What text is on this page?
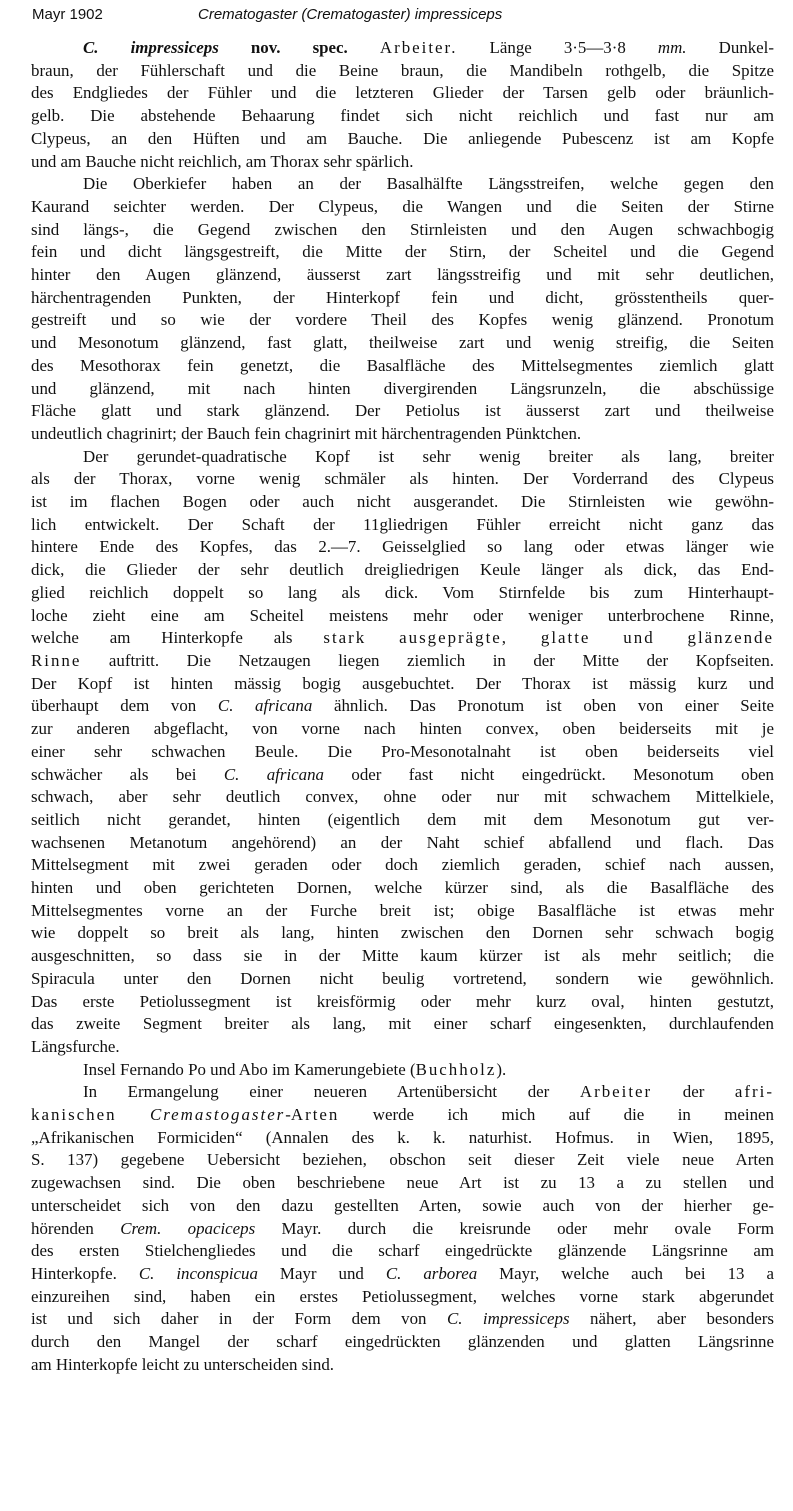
Mayr 1902	Crematogaster (Crematogaster) impressiceps
C. impressiceps nov. spec. Arbeiter. Länge 3·5—3·8 mm. Dunkel-
braun, der Fühlerschaft und die Beine braun, die Mandibeln rothgelb, die Spitze
des Endgliedes der Fühler und die letzteren Glieder der Tarsen gelb oder bräunlich-
gelb. Die abstehende Behaarung findet sich nicht reichlich und fast nur am
Clypeus, an den Hüften und am Bauche. Die anliegende Pubescenz ist am Kopfe
und am Bauche nicht reichlich, am Thorax sehr spärlich.
Die Oberkiefer haben an der Basalhälfte Längsstreifen, welche gegen den
Kaurand seichter werden. Der Clypeus, die Wangen und die Seiten der Stirne
sind längs-, die Gegend zwischen den Stirnleisten und den Augen schwachbogig
fein und dicht längsgestreift, die Mitte der Stirn, der Scheitel und die Gegend
hinter den Augen glänzend, äusserst zart längsstreifig und mit sehr deutlichen,
härchentragenden Punkten, der Hinterkopf fein und dicht, grösstentheils quer-
gestreift und so wie der vordere Theil des Kopfes wenig glänzend. Pronotum
und Mesonotum glänzend, fast glatt, theilweise zart und wenig streifig, die Seiten
des Mesothorax fein genetzt, die Basalfläche des Mittelsegmentes ziemlich glatt
und glänzend, mit nach hinten divergirenden Längsrunzeln, die abschüssige
Fläche glatt und stark glänzend. Der Petiolus ist äusserst zart und theilweise
undeutlich chagrinirt; der Bauch fein chagrinirt mit härchentragenden Pünktchen.
Der gerundet-quadratische Kopf ist sehr wenig breiter als lang, breiter
als der Thorax, vorne wenig schmäler als hinten. Der Vorderrand des Clypeus
ist im flachen Bogen oder auch nicht ausgerandet. Die Stirnleisten wie gewöhn-
lich entwickelt. Der Schaft der 11gliedrigen Fühler erreicht nicht ganz das
hintere Ende des Kopfes, das 2.—7. Geisselglied so lang oder etwas länger wie
dick, die Glieder der sehr deutlich dreigliedrigen Keule länger als dick, das End-
glied reichlich doppelt so lang als dick. Vom Stirnfelde bis zum Hinterhaupt-
loche zieht eine am Scheitel meistens mehr oder weniger unterbrochene Rinne,
welche am Hinterkopfe als stark ausgeprägte, glatte und glänzende
Rinne auftritt. Die Netzaugen liegen ziemlich in der Mitte der Kopfseiten.
Der Kopf ist hinten mässig bogig ausgebuchtet. Der Thorax ist mässig kurz und
überhaupt dem von C. africana ähnlich. Das Pronotum ist oben von einer Seite
zur anderen abgeflacht, von vorne nach hinten convex, oben beiderseits mit je
einer sehr schwachen Beule. Die Pro-Mesonotalnaht ist oben beiderseits viel
schwächer als bei C. africana oder fast nicht eingedrückt. Mesonotum oben
schwach, aber sehr deutlich convex, ohne oder nur mit schwachem Mittelkiele,
seitlich nicht gerandet, hinten (eigentlich dem mit dem Mesonotum gut ver-
wachsenen Metanotum angehörend) an der Naht schief abfallend und flach. Das
Mittelsegment mit zwei geraden oder doch ziemlich geraden, schief nach aussen,
hinten und oben gerichteten Dornen, welche kürzer sind, als die Basalfläche des
Mittelsegmentes vorne an der Furche breit ist; obige Basalfläche ist etwas mehr
wie doppelt so breit als lang, hinten zwischen den Dornen sehr schwach bogig
ausgeschnitten, so dass sie in der Mitte kaum kürzer ist als mehr seitlich; die
Spiracula unter den Dornen nicht beulig vortretend, sondern wie gewöhnlich.
Das erste Petiolussegment ist kreisförmig oder mehr kurz oval, hinten gestutzt,
das zweite Segment breiter als lang, mit einer scharf eingesenkten, durchlaufenden
Längsfurche.
Insel Fernando Po und Abo im Kamerungebiete (Buchholz).
In Ermangelung einer neueren Artenübersicht der Arbeiter der afri-
kanischen Cremastogaster-Arten werde ich mich auf die in meinen
„Afrikanischen Formiciden“ (Annalen des k. k. naturhist. Hofmus. in Wien, 1895,
S. 137) gegebene Uebersicht beziehen, obschon seit dieser Zeit viele neue Arten
zugewachsen sind. Die oben beschriebene neue Art ist zu 13 a zu stellen und
unterscheidet sich von den dazu gestellten Arten, sowie auch von der hierher ge-
hörenden Crem. opaciceps Mayr. durch die kreisrunde oder mehr ovale Form
des ersten Stielchengliedes und die scharf eingedrückte glänzende Längsrinne am
Hinterkopfe. C. inconspicua Mayr und C. arborea Mayr, welche auch bei 13 a
einzureihen sind, haben ein erstes Petiolussegment, welches vorne stark abgerundet
ist und sich daher in der Form dem von C. impressiceps nähert, aber besonders
durch den Mangel der scharf eingedrückten glänzenden und glatten Längsrinne
am Hinterkopfe leicht zu unterscheiden sind.
